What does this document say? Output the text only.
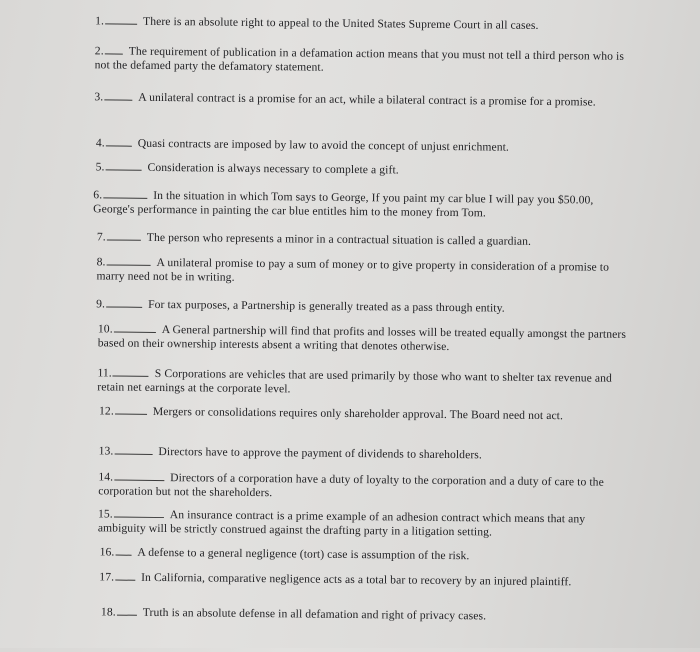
1.	There is an absolute right to appeal to the United States Supreme Court in all cases.
2. The requirement of publication in a defamation action means that you must not tell a third person who is not the defamed party the defamatory statement.
3.	A unilateral contract is a promise for an act, while a bilateral contract is a promise for a promise.
4.	Quasi contracts are imposed by law to avoid the concept of unjust enrichment.
5.	Consideration is always necessary to complete a gift.
6.	In the situation in which Tom says to George, If you paint my car blue I will pay you $50.00, George's performance in painting the car blue entitles him to the money from Tom.
7.	The person who represents a minor in a contractual situation is called a guardian.
8.	A unilateral promise to pay a sum of money or to give property in consideration of a promise to marry need not be in writing.
9.	For tax purposes, a Partnership is generally treated as a pass through entity.
10.	A General partnership will find that profits and losses will be treated equally amongst the partners based on their ownership interests absent a writing that denotes otherwise.
11.	S Corporations are vehicles that are used primarily by those who want to shelter tax revenue and retain net earnings at the corporate level.
12.	Mergers or consolidations requires only shareholder approval. The Board need not act.
13.	Directors have to approve the payment of dividends to shareholders.
14.	Directors of a corporation have a duty of loyalty to the corporation and a duty of care to the corporation but not the shareholders.
15.	An insurance contract is a prime example of an adhesion contract which means that any ambiguity will be strictly construed against the drafting party in a litigation setting.
16. A defense to a general negligence (tort) case is assumption of the risk.
17. In California, comparative negligence acts as a total bar to recovery by an injured plaintiff.
18. Truth is an absolute defense in all defamation and right of privacy cases.
